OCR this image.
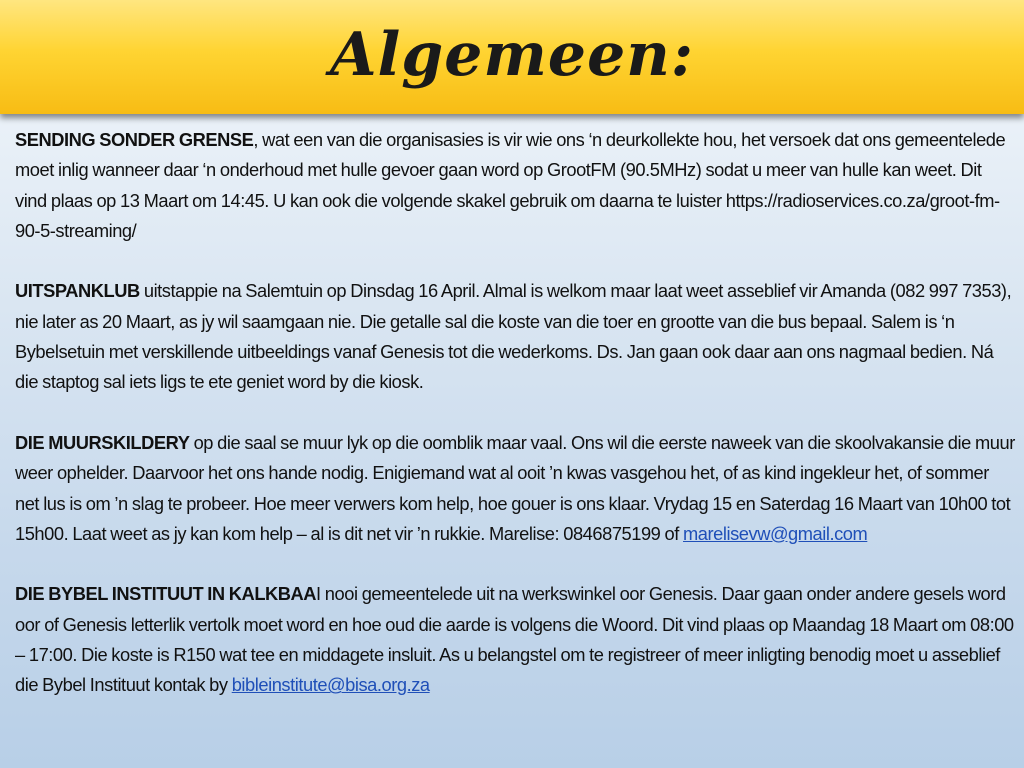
Algemeen:

SENDING SONDER GRENSE, wat een van die organisasies is vir wie ons ‘n deurkollekte hou, het versoek dat ons gemeentelede moet inlig wanneer daar ‘n onderhoud met hulle gevoer gaan word op GrootFM (90.5MHz) sodat u meer van hulle kan weet. Dit vind plaas op 13 Maart om 14:45. U kan ook die volgende skakel gebruik om daarna te luister https://radioservices.co.za/groot-fm-90-5-streaming/

UITSPANKLUB uitstappie na Salemtuin op Dinsdag 16 April. Almal is welkom maar laat weet asseblief vir Amanda (082 997 7353), nie later as 20 Maart, as jy wil saamgaan nie. Die getalle sal die koste van die toer en grootte van die bus bepaal. Salem is ‘n Bybelsetuin met verskillende uitbeeldings vanaf Genesis tot die wederkoms. Ds. Jan gaan ook daar aan ons nagmaal bedien. Ná die staptog sal iets ligs te ete geniet word by die kiosk.

DIE MUURSKILDERY op die saal se muur lyk op die oomblik maar vaal. Ons wil die eerste naweek van die skoolvakansie die muur weer ophelder. Daarvoor het ons hande nodig. Enigiemand wat al ooit ’n kwas vasgehou het, of as kind ingekleur het, of sommer net lus is om ’n slag te probeer. Hoe meer verwers kom help, hoe gouer is ons klaar. Vrydag 15 en Saterdag 16 Maart van 10h00 tot 15h00. Laat weet as jy kan kom help – al is dit net vir ’n rukkie. Marelise: 0846875199 of marelisevw@gmail.com

DIE BYBEL INSTITUUT IN KALKBAAI nooi gemeentelede uit na werkswinkel oor Genesis. Daar gaan onder andere gesels word oor of Genesis letterlik vertolk moet word en hoe oud die aarde is volgens die Woord. Dit vind plaas op Maandag 18 Maart om 08:00 – 17:00. Die koste is R150 wat tee en middagete insluit. As u belangstel om te registreer of meer inligting benodig moet u asseblief die Bybel Instituut kontak by bibleinstitute@bisa.org.za
